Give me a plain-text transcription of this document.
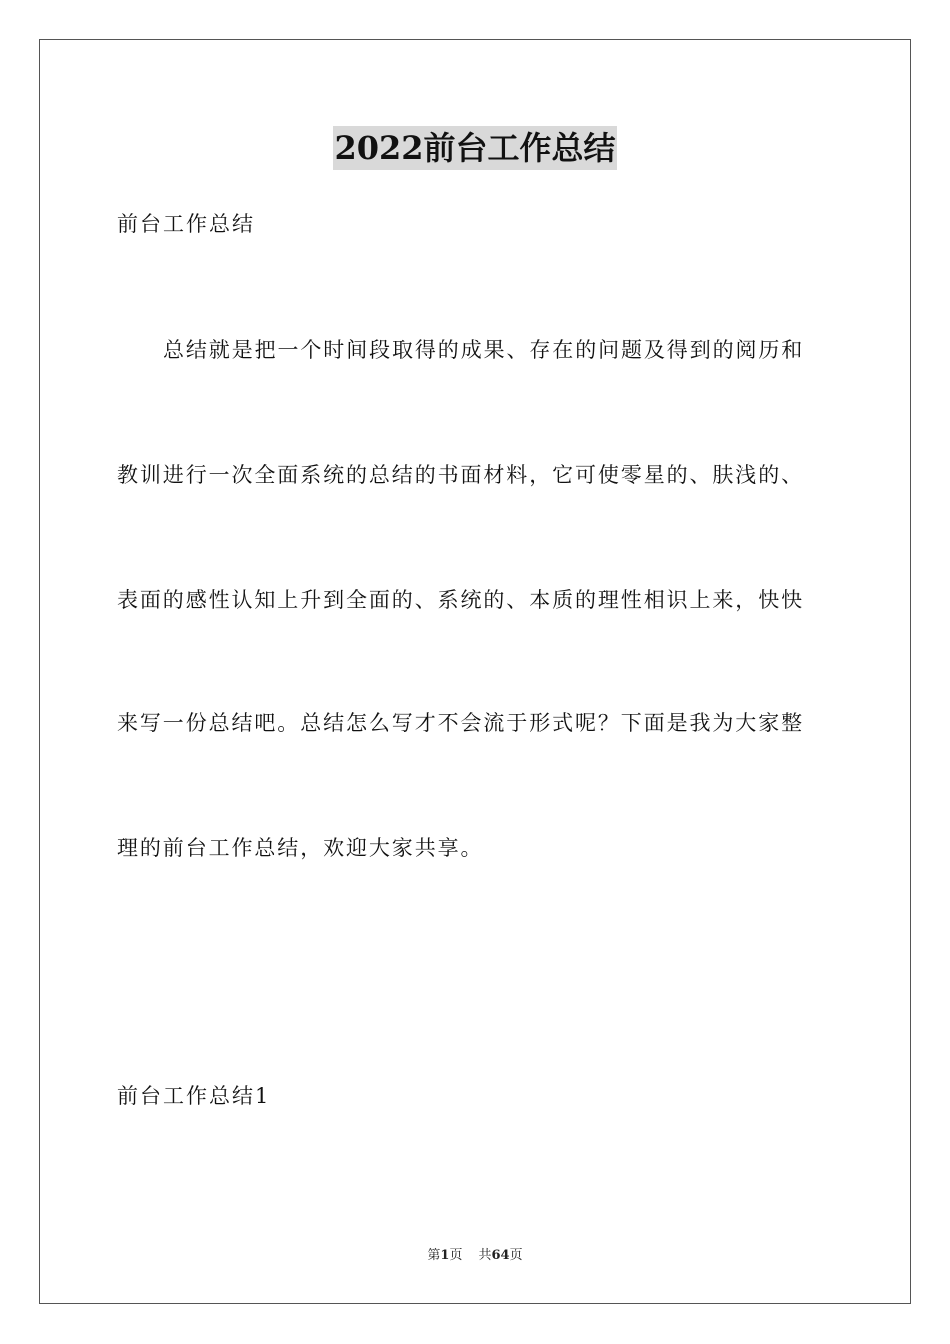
2022前台工作总结
前台工作总结
总结就是把一个时间段取得的成果、存在的问题及得到的阅历和
教训进行一次全面系统的总结的书面材料，它可使零星的、肤浅的、
表面的感性认知上升到全面的、系统的、本质的理性相识上来，快快
来写一份总结吧。总结怎么写才不会流于形式呢？下面是我为大家整
理的前台工作总结，欢迎大家共享。
前台工作总结1
第1页 共64页
